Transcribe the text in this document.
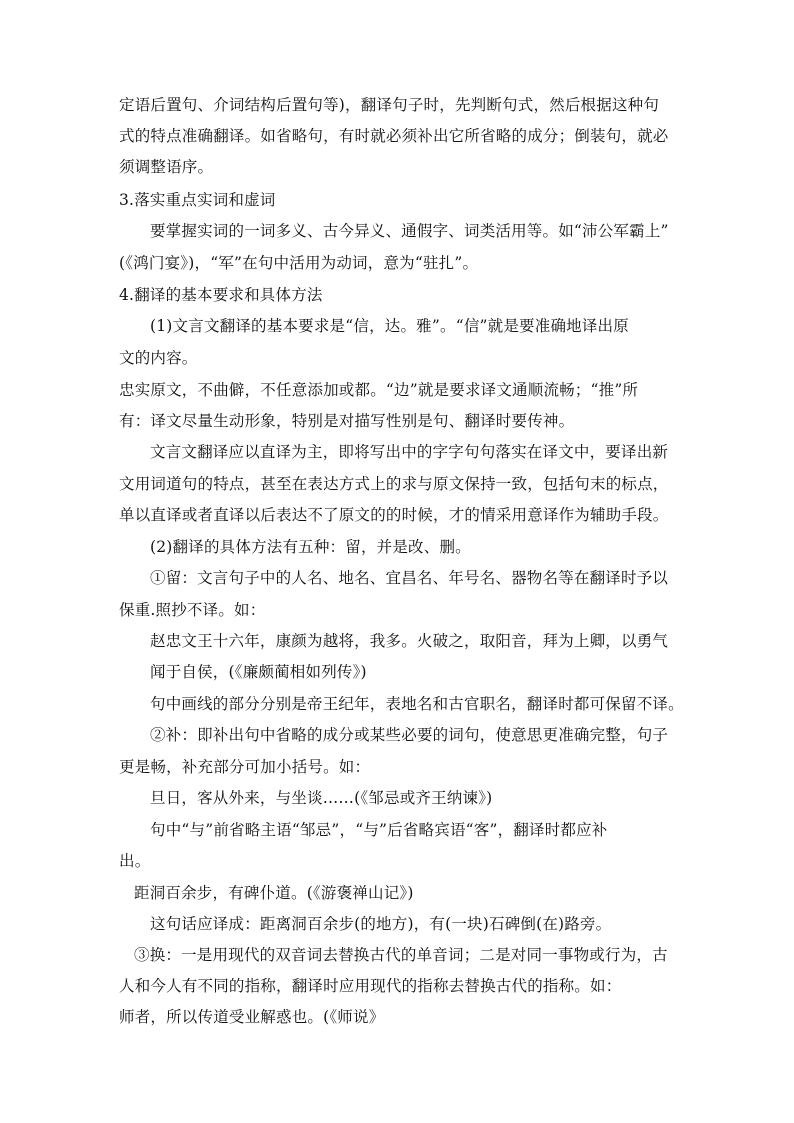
定语后置句、介词结构后置句等)，翻译句子时，先判断句式，然后根据这种句
式的特点准确翻译。如省略句，有时就必须补出它所省略的成分；倒装句，就必
须调整语序。
3.落实重点实词和虚词
要掌握实词的一词多义、古今异义、通假字、词类活用等。如“沛公军霸上”
(《鸿门宴》)，“军”在句中活用为动词，意为“驻扎”。
4.翻译的基本要求和具体方法
(1)文言文翻译的基本要求是“信，达。雅”。“信”就是要准确地译出原
文的内容。
忠实原文，不曲僻，不任意添加或都。“边”就是要求译文通顺流畅；“推”所
有：译文尽量生动形象，特别是对描写性别是句、翻译时要传神。
文言文翻译应以直译为主，即将写出中的字字句句落实在译文中，要译出新
文用词道句的特点，甚至在表达方式上的求与原文保持一致，包括句末的标点，
单以直译或者直译以后表达不了原文的的时候，才的情采用意译作为辅助手段。
(2)翻译的具体方法有五种：留，并是改、删。
①留：文言句子中的人名、地名、宜昌名、年号名、器物名等在翻译时予以
保重.照抄不译。如：
赵忠文王十六年，康颜为越将，我多。火破之，取阳音，拜为上卿，以勇气
闻于自侯，(《廉颇蔺相如列传》)
句中画线的部分分别是帝王纪年，表地名和古官职名，翻译时都可保留不译。
②补：即补出句中省略的成分或某些必要的词句，使意思更准确完整，句子
更是畅，补充部分可加小括号。如：
旦日，客从外来，与坐谈……(《邹忌或齐王纳谏》)
句中“与”前省略主语“邹忌”，“与”后省略宾语“客”，翻译时都应补
出。
距洞百余步，有碑仆道。(《游褒禅山记》)
这句话应译成：距离洞百余步(的地方)，有(一块)石碑倒(在)路旁。
③换：一是用现代的双音词去替换古代的单音词；二是对同一事物或行为，古
人和今人有不同的指称，翻译时应用现代的指称去替换古代的指称。如：
师者，所以传道受业解惑也。(《师说》
